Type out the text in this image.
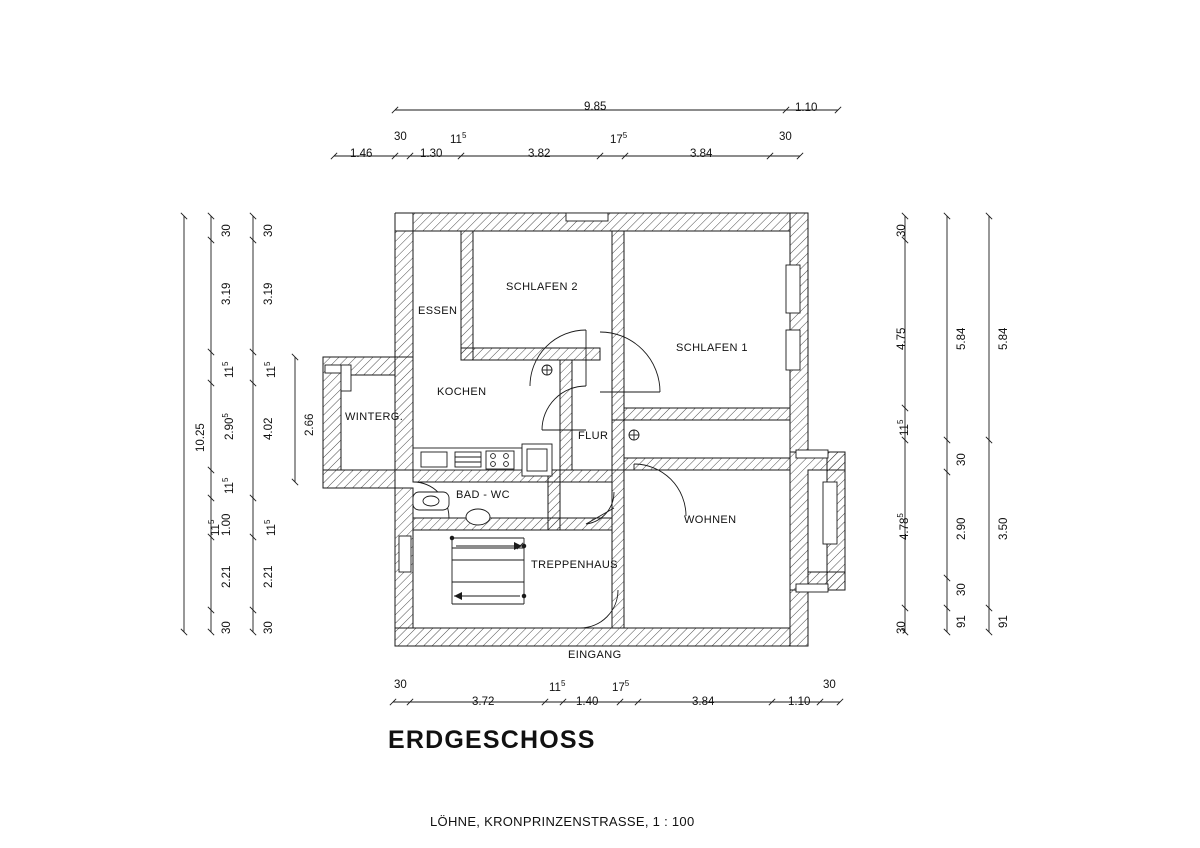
ESSEN
SCHLAFEN 2
SCHLAFEN 1
KOCHEN
WINTERG.
FLUR
BAD - WC
WOHNEN
TREPPENHAUS
EINGANG
9.85	1.10
30	$11^5$	$17^5$	30
1.46	1.30	3.82	3.84
30	$11^5$	$17^5$	30
3.72	1.40	3.84	1.10
10.25
30
3.19
$11^5$
2.90$^5$
$11^5$
1.00
$11^5$
2.21
30
30
3.19
$11^5$
4.02
$11^5$
2.21
30
2.66
30
4.75
$11^5$
4.78$^5$
30
5.84
30
2.90
30
91
5.84
3.50
91
ERDGESCHOSS
LÖHNE, KRONPRINZENSTRASSE, 1 : 100
